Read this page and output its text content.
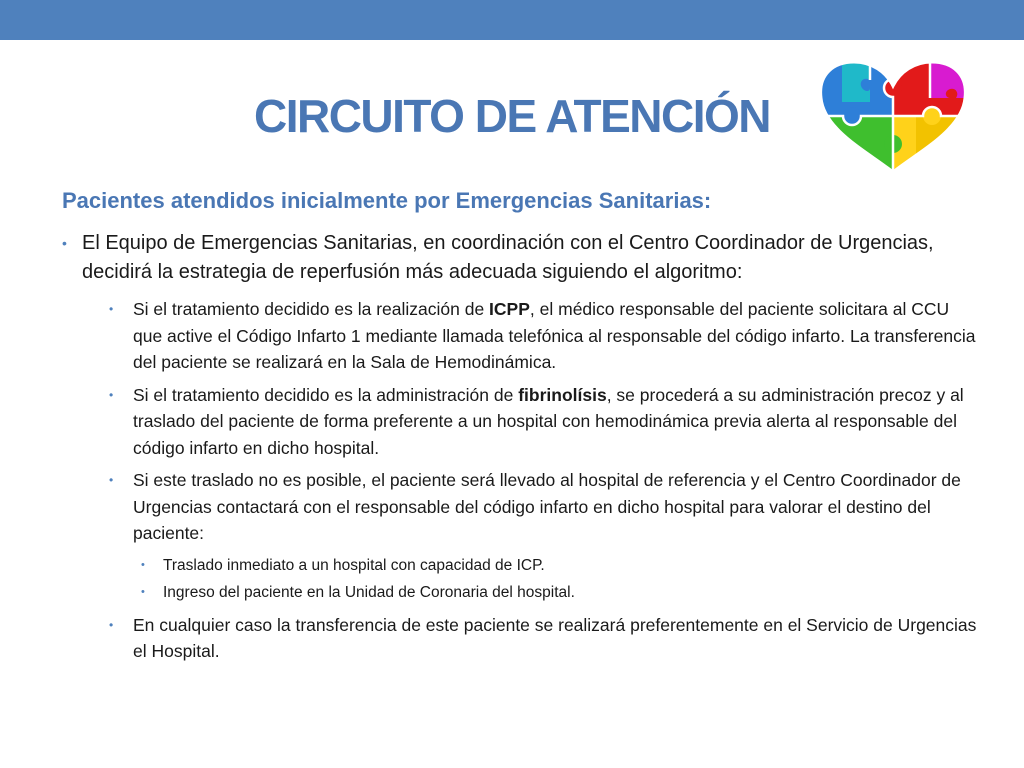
CIRCUITO DE ATENCIÓN
Pacientes atendidos inicialmente por Emergencias Sanitarias:
• El Equipo de Emergencias Sanitarias, en coordinación con el Centro Coordinador de Urgencias, decidirá la estrategia de reperfusión más adecuada siguiendo el algoritmo:
• Si el tratamiento decidido es la realización de ICPP, el médico responsable del paciente solicitara al CCU que active el Código Infarto 1 mediante llamada telefónica al responsable del código infarto. La transferencia del paciente se realizará en la Sala de Hemodinámica.
• Si el tratamiento decidido es la administración de fibrinolísis, se procederá a su administración precoz y al traslado del paciente de forma preferente a un hospital con hemodinámica previa alerta al responsable del código infarto en dicho hospital.
• Si este traslado no es posible, el paciente será llevado al hospital de referencia y el Centro Coordinador de Urgencias contactará con el responsable del código infarto en dicho hospital para valorar el destino del paciente:
• Traslado inmediato a un hospital con capacidad de ICP.
• Ingreso del paciente en la Unidad de Coronaria del hospital.
• En cualquier caso la transferencia de este paciente se realizará preferentemente en el Servicio de Urgencias el Hospital.
